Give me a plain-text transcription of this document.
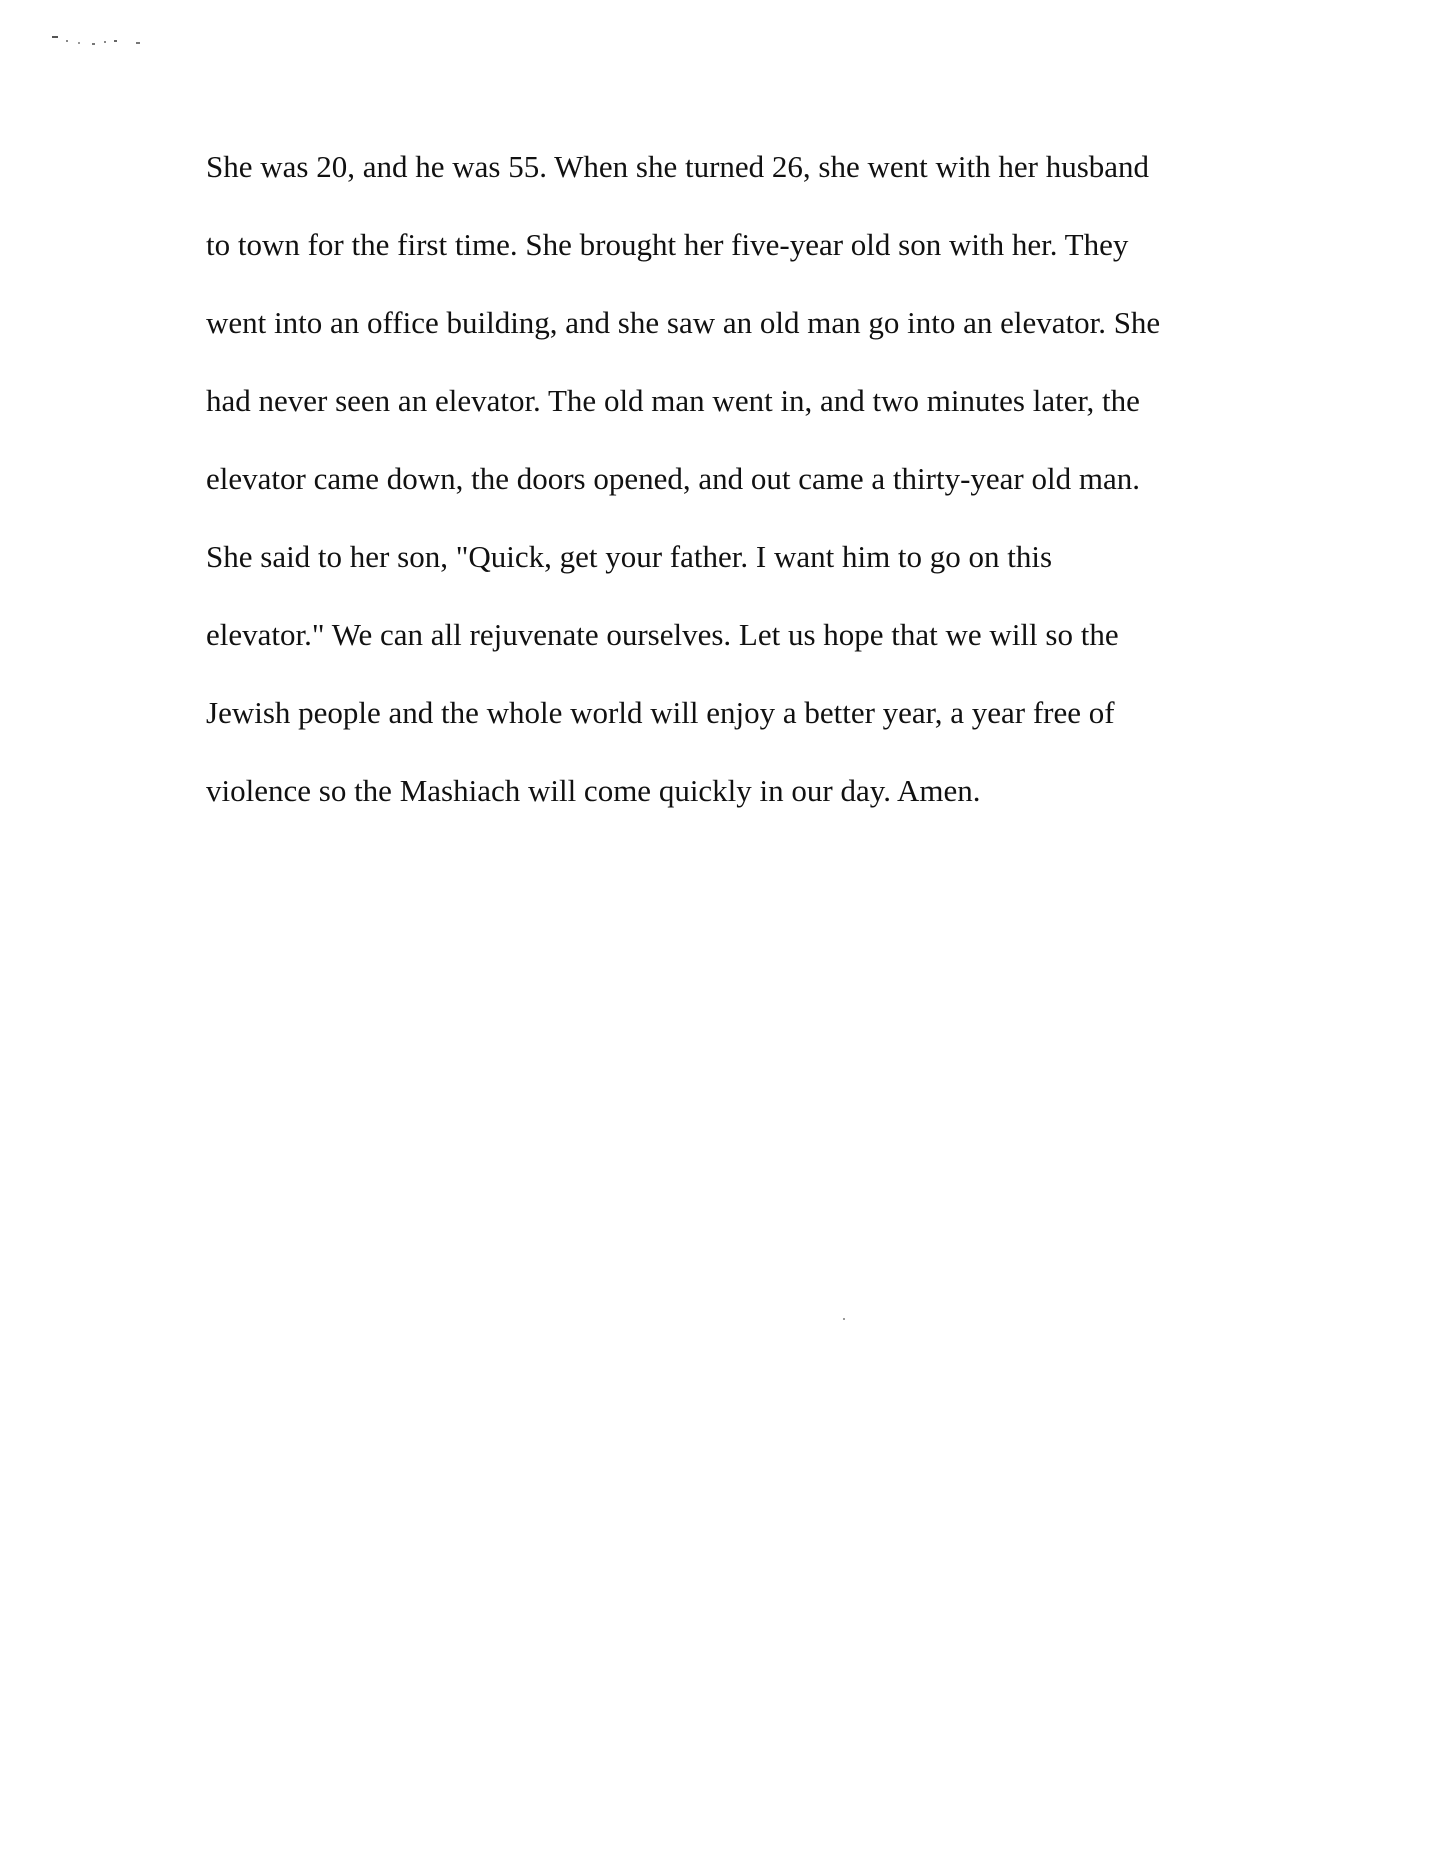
She was 20, and he was 55. When she turned 26, she went with her husband
to town for the first time. She brought her five-year old son with her. They
went into an office building, and she saw an old man go into an elevator. She
had never seen an elevator. The old man went in, and two minutes later, the
elevator came down, the doors opened, and out came a thirty-year old man.
She said to her son, "Quick, get your father. I want him to go on this
elevator." We can all rejuvenate ourselves. Let us hope that we will so the
Jewish people and the whole world will enjoy a better year, a year free of
violence so the Mashiach will come quickly in our day. Amen.
